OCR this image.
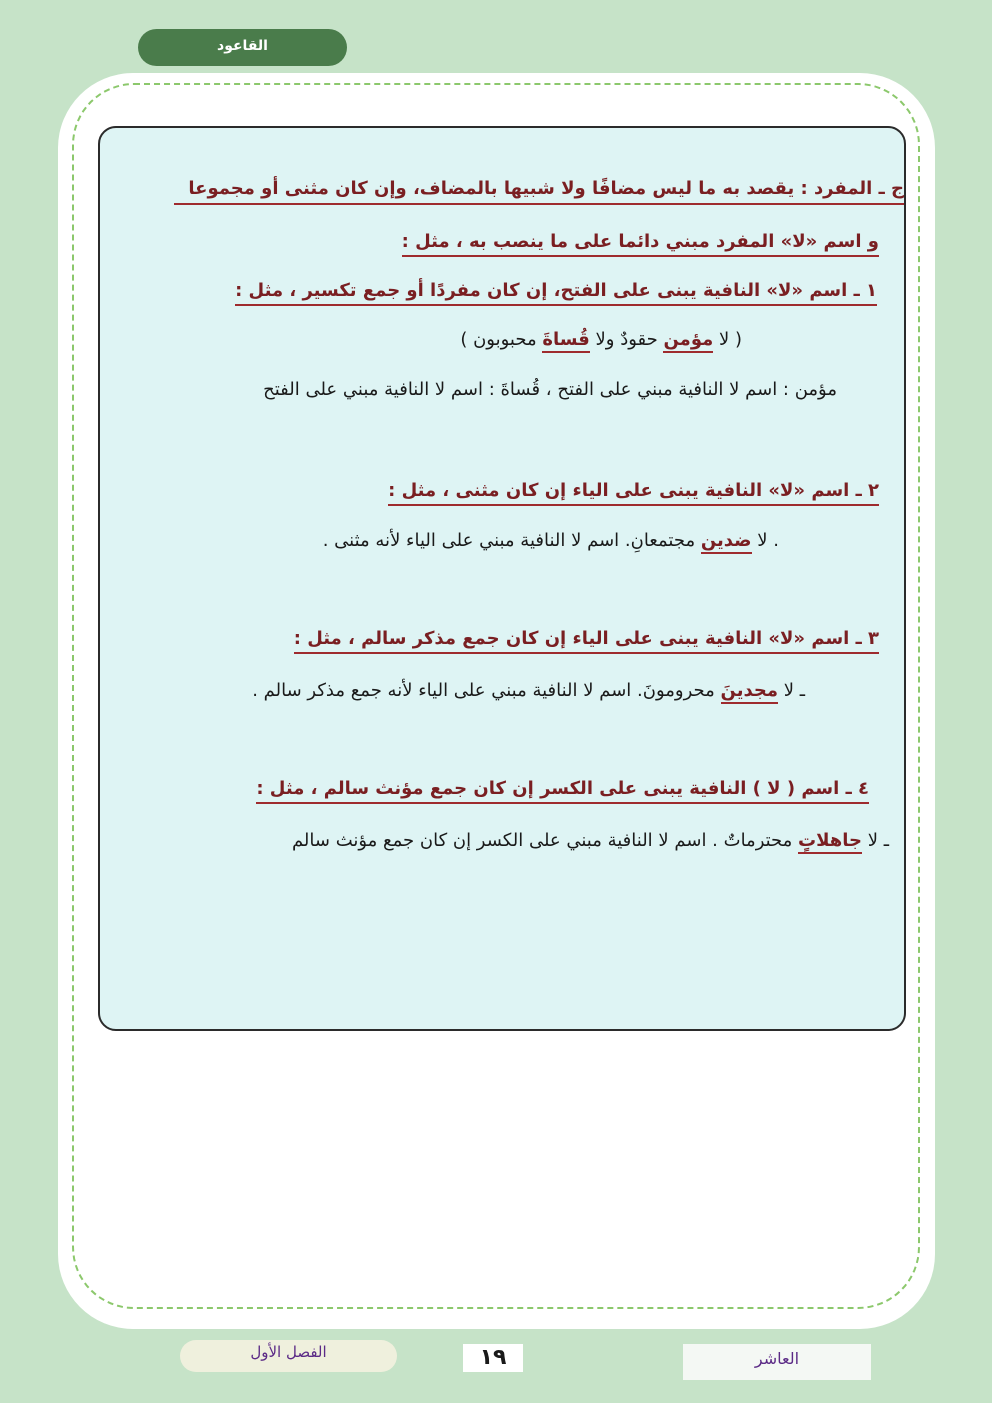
القاعود
ج ـ المفرد : يقصد به ما ليس مضافًا ولا شبيها بالمضاف، وإن كان مثنى أو مجموعا
و اسم «لا» المفرد مبني دائما على ما ينصب به ، مثل :
١ ـ اسم «لا» النافية يبنى على الفتح، إن كان مفردًا أو جمع تكسير ، مثل :
( لا مؤمن حقودٌ ولا قُساةَ محبوبون )
مؤمن : اسم لا النافية مبني على الفتح ، قُساةَ : اسم لا النافية مبني على الفتح
٢ ـ اسم «لا» النافية يبنى على الياء إن كان مثنى ، مثل :
. لا ضدين مجتمعانِ. اسم لا النافية مبني على الياء لأنه مثنى .
٣ ـ اسم «لا» النافية يبنى على الياء إن كان جمع مذكر سالم ، مثل :
ـ لا مجدينَ محرومونَ. اسم لا النافية مبني على الياء لأنه جمع مذكر سالم .
٤ ـ اسم ( لا ) النافية يبنى على الكسر إن كان جمع مؤنث سالم ، مثل :
ـ لا جاهلاتٍ محترماتٌ . اسم لا النافية مبني على الكسر إن كان جمع مؤنث سالم
الفصل الأول	١٩	العاشر
